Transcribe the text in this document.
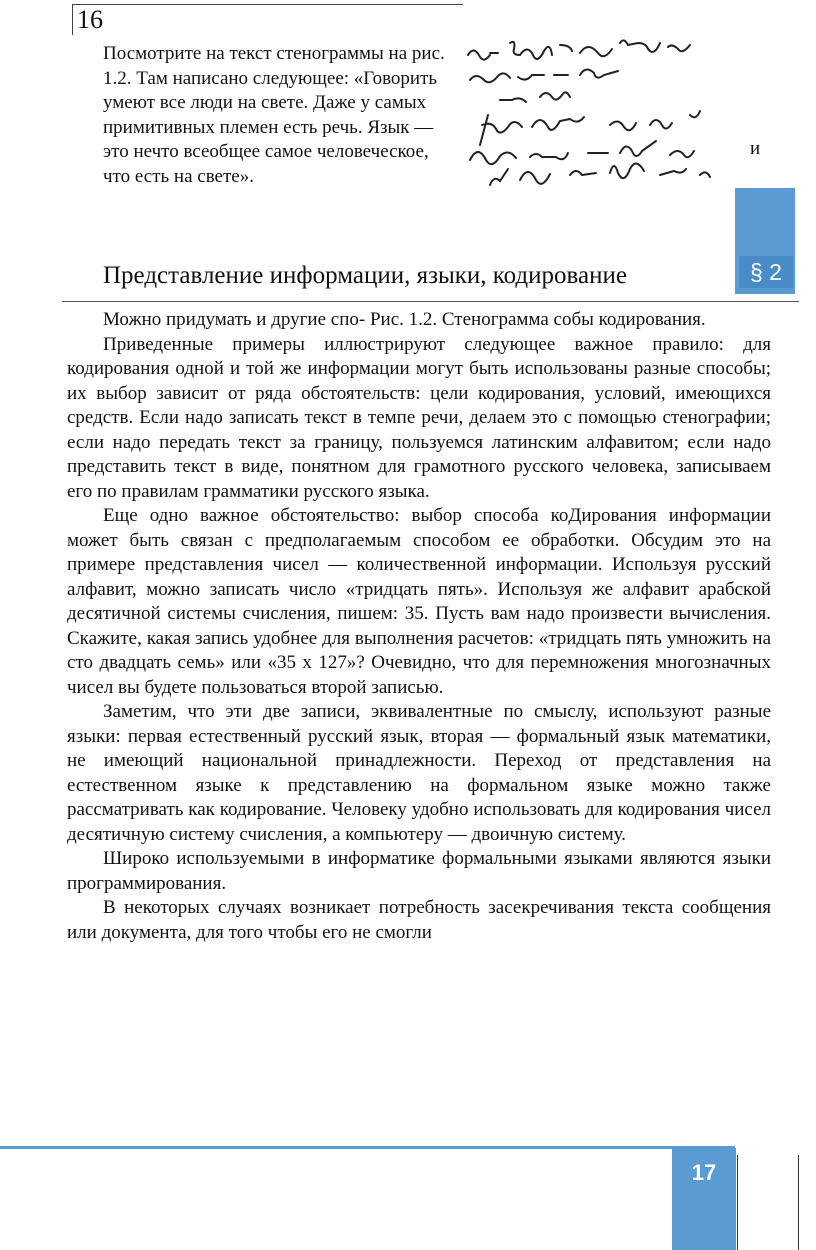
16

Посмотрите на текст стенограммы на рис. 1.2. Там написано следующее: «Говорить умеют все люди на свете. Даже у самых примитивных племен есть речь. Язык — это нечто всеобщее самое человеческое, что есть на свете».

и
§ 2
Представление информации, языки, кодирование

Можно придумать и другие спо- Рис. 1.2. Стенограмма собы кодирования.

Приведенные примеры иллюстрируют следующее важное правило: для кодирования одной и той же информации могут быть использованы разные способы; их выбор зависит от ряда обстоятельств: цели кодирования, условий, имеющихся средств. Если надо записать текст в темпе речи, делаем это с помощью стенографии; если надо передать текст за границу, пользуемся латинским алфавитом; если надо представить текст в виде, понятном для грамотного русского человека, записываем его по правилам грамматики русского языка.

Еще одно важное обстоятельство: выбор способа коДирования информации может быть связан с предполагаемым способом ее обработки. Обсудим это на примере представления чисел — количественной информации. Используя русский алфавит, можно записать число «тридцать пять». Используя же алфавит арабской десятичной системы счисления, пишем: 35. Пусть вам надо произвести вычисления. Скажите, какая запись удобнее для выполнения расчетов: «тридцать пять умножить на сто двадцать семь» или «35 х 127»? Очевидно, что для перемножения многозначных чисел вы будете пользоваться второй записью.

Заметим, что эти две записи, эквивалентные по смыслу, используют разные языки: первая естественный русский язык, вторая — формальный язык математики, не имеющий национальной принадлежности. Переход от представления на естественном языке к представлению на формальном языке можно также рассматривать как кодирование. Человеку удобно использовать для кодирования чисел десятичную систему счисления, а компьютеру — двоичную систему.

Широко используемыми в информатике формальными языками являются языки программирования.

В некоторых случаях возникает потребность засекречивания текста сообщения или документа, для того чтобы его не смогли

17
